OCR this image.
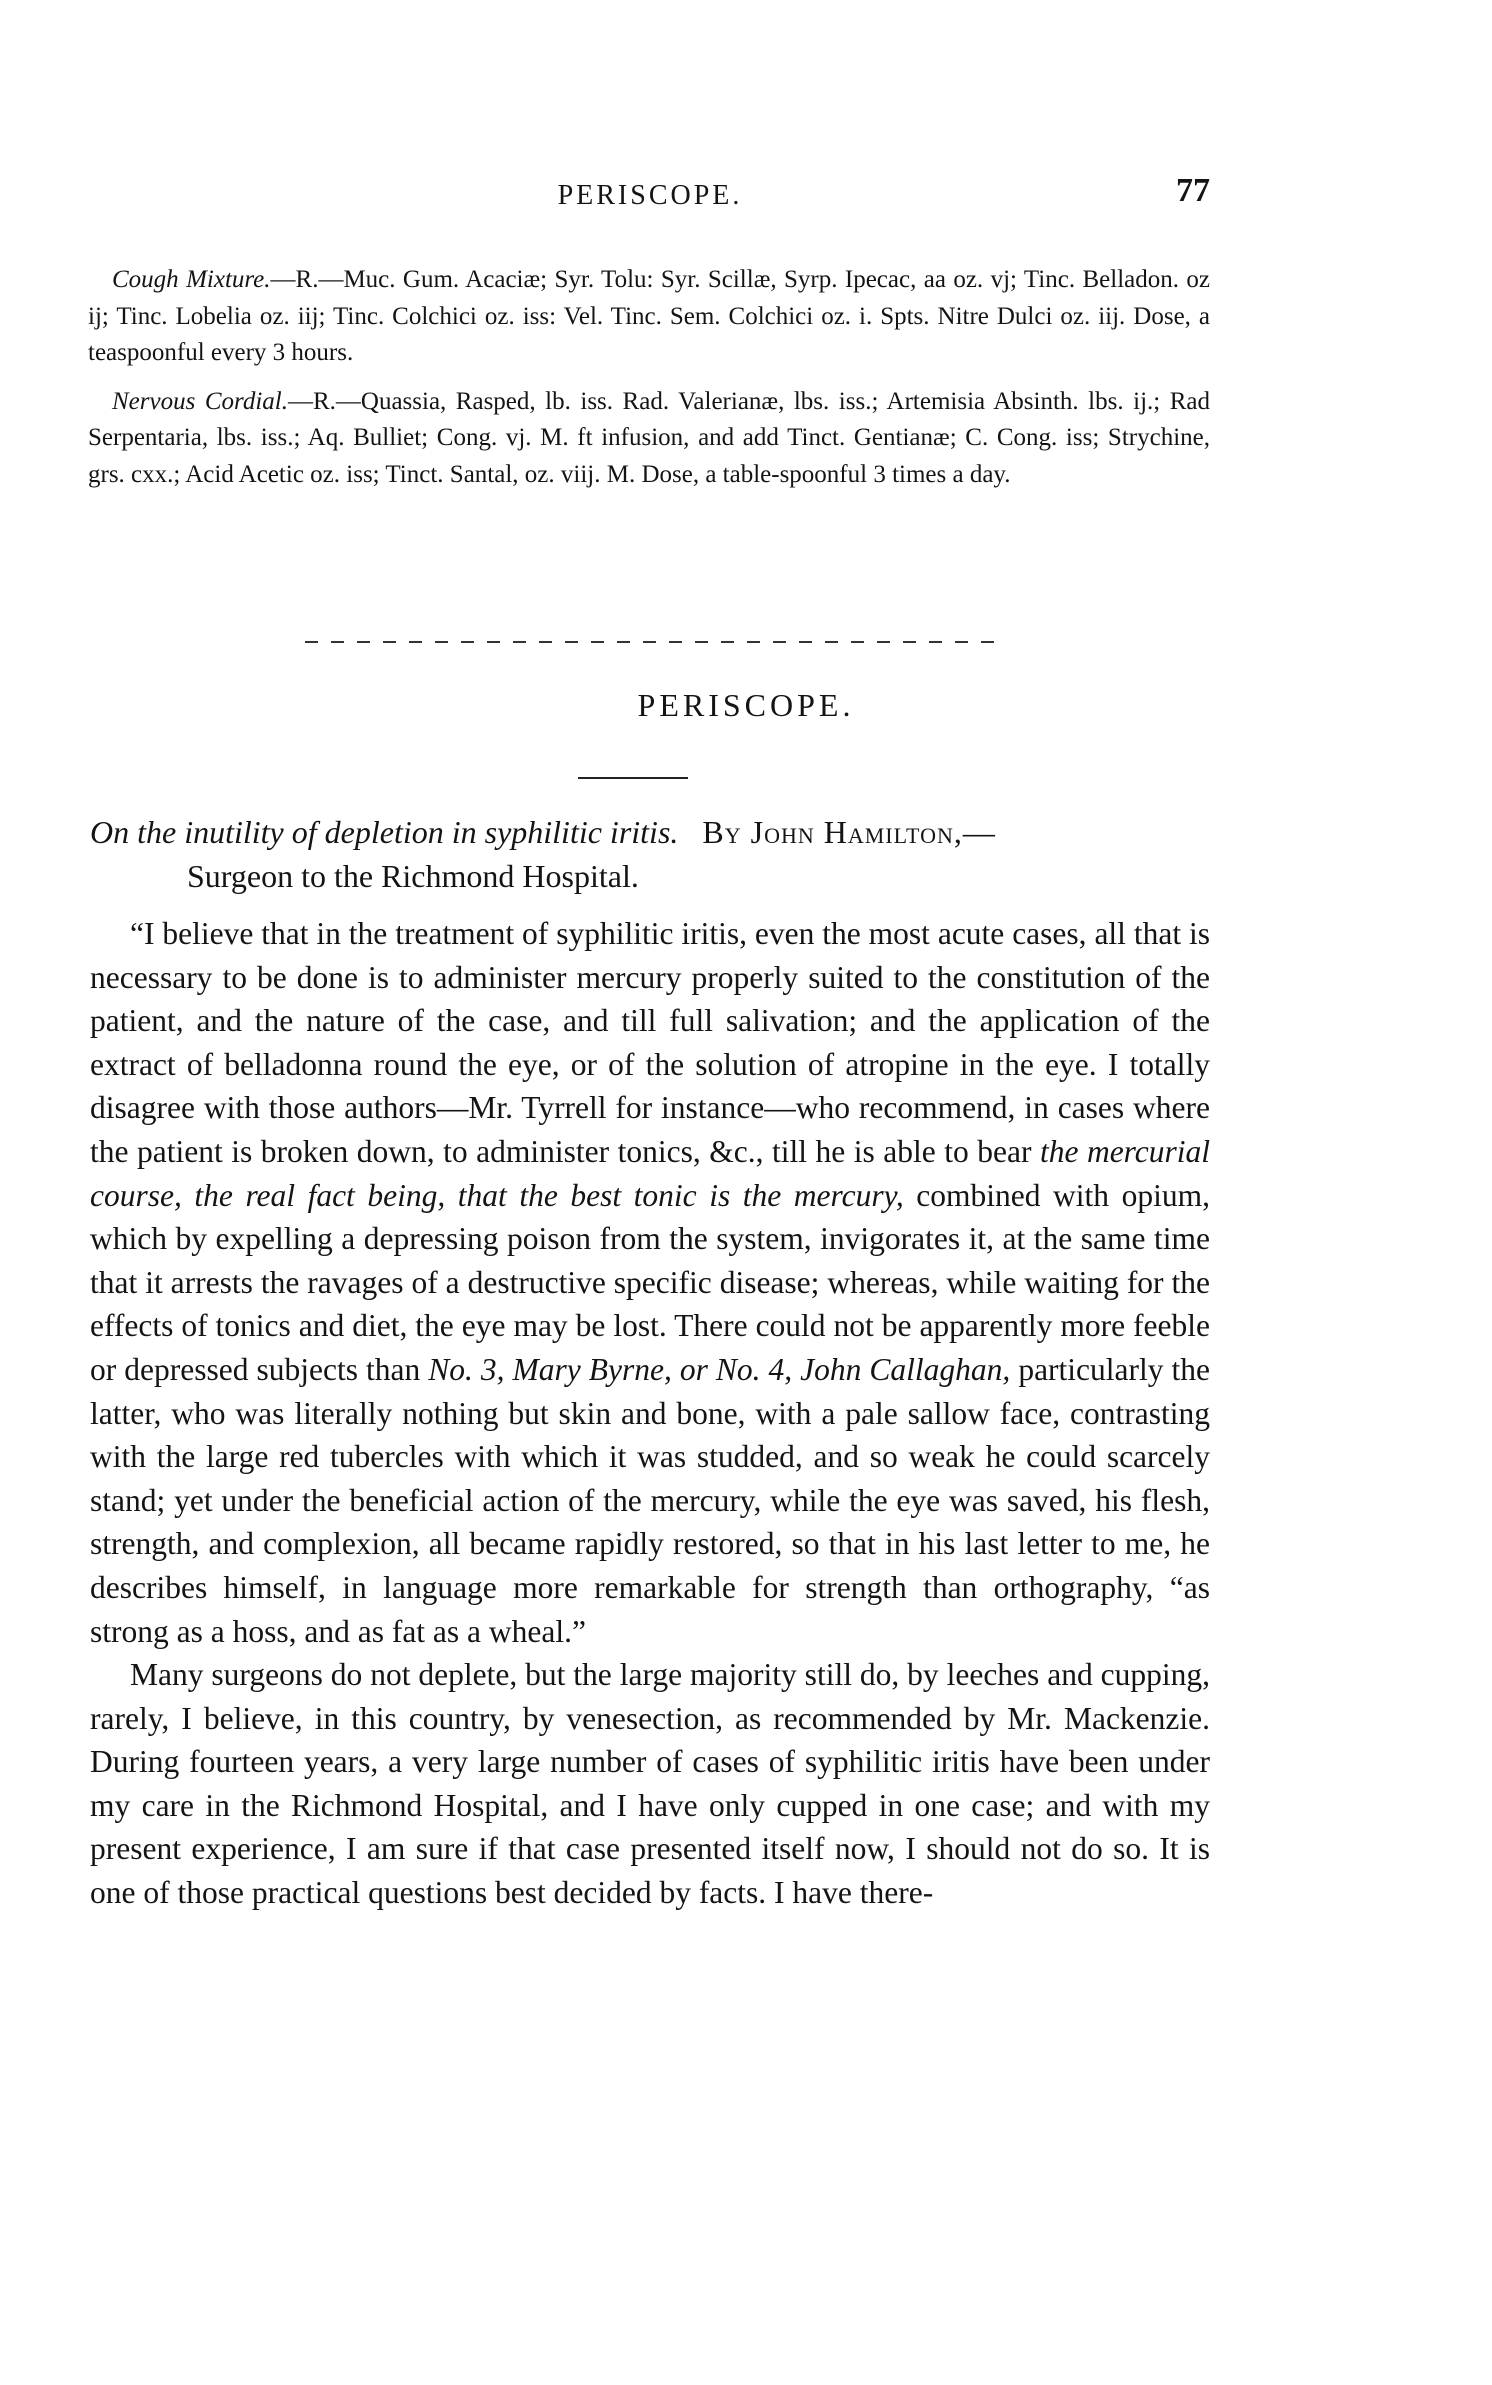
PERISCOPE.	77

Cough Mixture.—R.—Muc. Gum. Acaciæ; Syr. Tolu: Syr. Scillæ, Syrp. Ipecac, aa oz. vj; Tinc. Belladon. oz ij; Tinc. Lobelia oz. iij; Tinc. Colchici oz. iss: Vel. Tinc. Sem. Colchici oz. i. Spts. Nitre Dulci oz. iij. Dose, a teaspoonful every 3 hours.

Nervous Cordial.—R.—Quassia, Rasped, lb. iss. Rad. Valerianæ, lbs. iss.; Artemisia Absinth. lbs. ij.; Rad Serpentaria, lbs. iss.; Aq. Bulliet; Cong. vj. M. ft infusion, and add Tinct. Gentianæ; C. Cong. iss; Strychine, grs. cxx.; Acid Acetic oz. iss; Tinct. Santal, oz. viij. M. Dose, a table-spoonful 3 times a day.

PERISCOPE.
On the inutility of depletion in syphilitic iritis. By John Hamilton,—
Surgeon to the Richmond Hospital.

“I believe that in the treatment of syphilitic iritis, even the most acute cases, all that is necessary to be done is to administer mercury properly suited to the constitution of the patient, and the nature of the case, and till full salivation; and the application of the extract of belladonna round the eye, or of the solution of atropine in the eye. I totally disagree with those authors—Mr. Tyrrell for instance—who recommend, in cases where the patient is broken down, to administer tonics, &c., till he is able to bear the mercurial course, the real fact being, that the best tonic is the mercury, combined with opium, which by expelling a depressing poison from the system, invigorates it, at the same time that it arrests the ravages of a destructive specific disease; whereas, while waiting for the effects of tonics and diet, the eye may be lost. There could not be apparently more feeble or depressed subjects than No. 3, Mary Byrne, or No. 4, John Callaghan, particularly the latter, who was literally nothing but skin and bone, with a pale sallow face, contrasting with the large red tubercles with which it was studded, and so weak he could scarcely stand; yet under the beneficial action of the mercury, while the eye was saved, his flesh, strength, and complexion, all became rapidly restored, so that in his last letter to me, he describes himself, in language more remarkable for strength than orthography, “as strong as a hoss, and as fat as a wheal.”

Many surgeons do not deplete, but the large majority still do, by leeches and cupping, rarely, I believe, in this country, by venesection, as recommended by Mr. Mackenzie. During fourteen years, a very large number of cases of syphilitic iritis have been under my care in the Richmond Hospital, and I have only cupped in one case; and with my present experience, I am sure if that case presented itself now, I should not do so. It is one of those practical questions best decided by facts. I have there-
